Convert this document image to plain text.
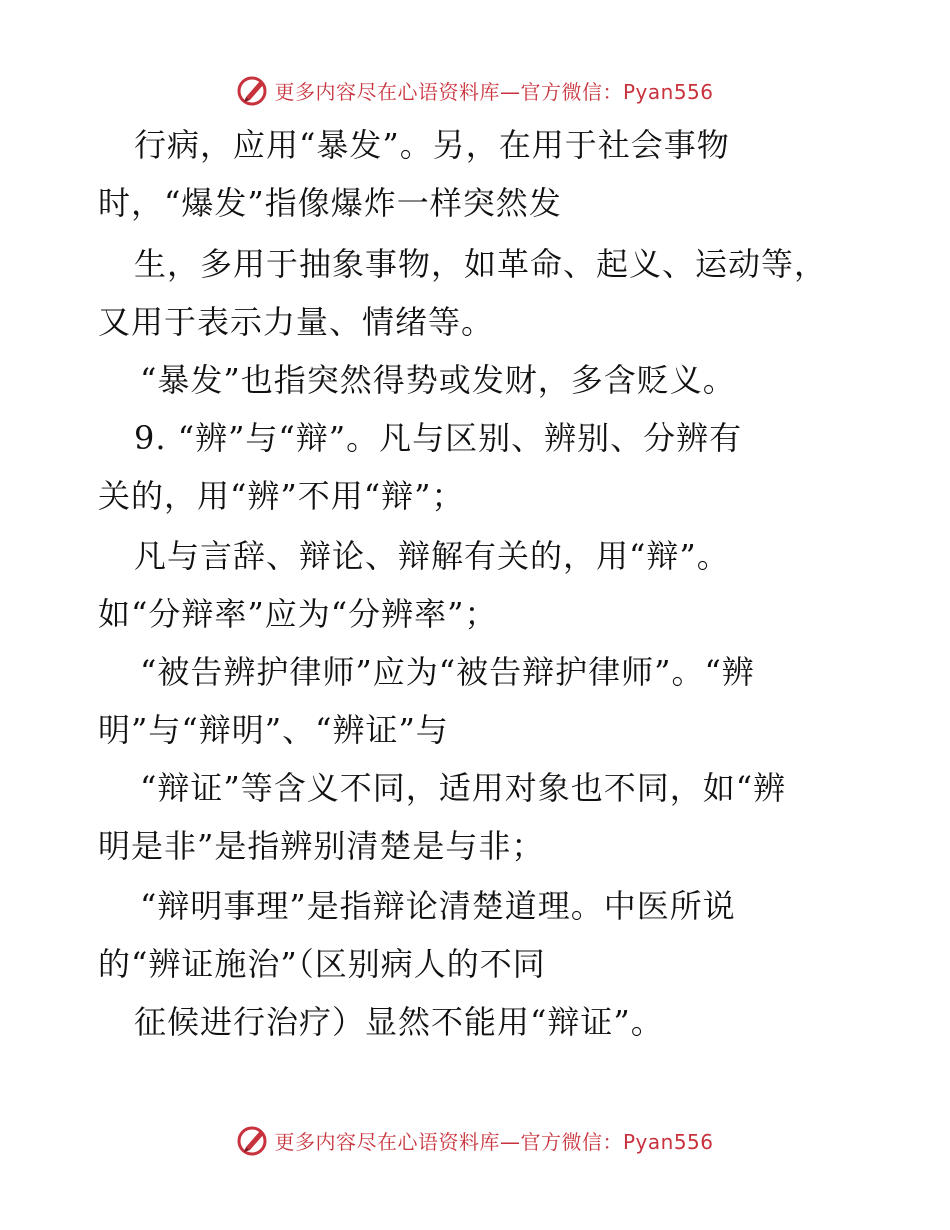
更多内容尽在心语资料库—官方微信：Pyan556
行病，应用“暴发”。另，在用于社会事物
时，“爆发”指像爆炸一样突然发
生，多用于抽象事物，如革命、起义、运动等，
又用于表示力量、情绪等。
“暴发”也指突然得势或发财，多含贬义。
9. “辨”与“辩”。凡与区别、辨别、分辨有
关的，用“辨”不用“辩”；
凡与言辞、辩论、辩解有关的，用“辩”。
如“分辩率”应为“分辨率”；
“被告辨护律师”应为“被告辩护律师”。“辨
明”与“辩明”、“辨证”与
“辩证”等含义不同，适用对象也不同，如“辨
明是非”是指辨别清楚是与非；
“辩明事理”是指辩论清楚道理。中医所说
的“辨证施治”（区别病人的不同
征候进行治疗）显然不能用“辩证”。
更多内容尽在心语资料库—官方微信：Pyan556
